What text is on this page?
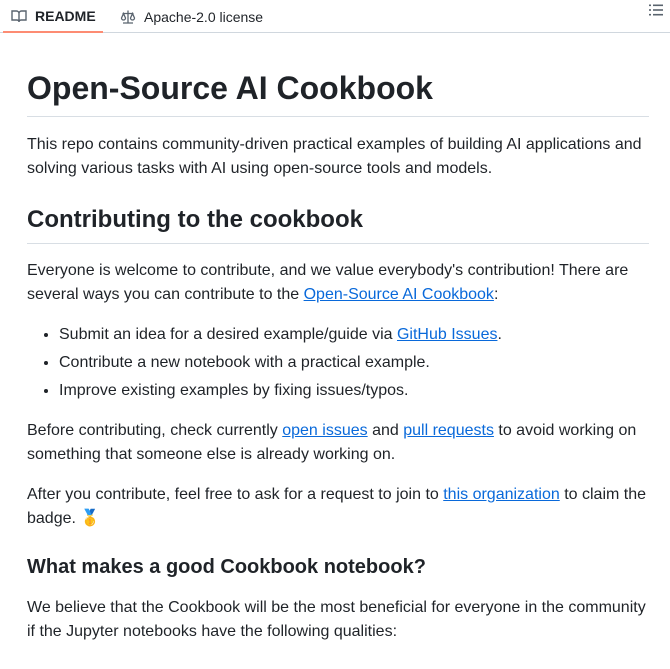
README	Apache-2.0 license
Open-Source AI Cookbook

This repo contains community-driven practical examples of building AI applications and solving various tasks with AI using open-source tools and models.

Contributing to the cookbook

Everyone is welcome to contribute, and we value everybody's contribution! There are several ways you can contribute to the Open-Source AI Cookbook:

• Submit an idea for a desired example/guide via GitHub Issues.
• Contribute a new notebook with a practical example.
• Improve existing examples by fixing issues/typos.

Before contributing, check currently open issues and pull requests to avoid working on something that someone else is already working on.

After you contribute, feel free to ask for a request to join to this organization to claim the badge. 🥇

What makes a good Cookbook notebook?

We believe that the Cookbook will be the most beneficial for everyone in the community if the Jupyter notebooks have the following qualities:
